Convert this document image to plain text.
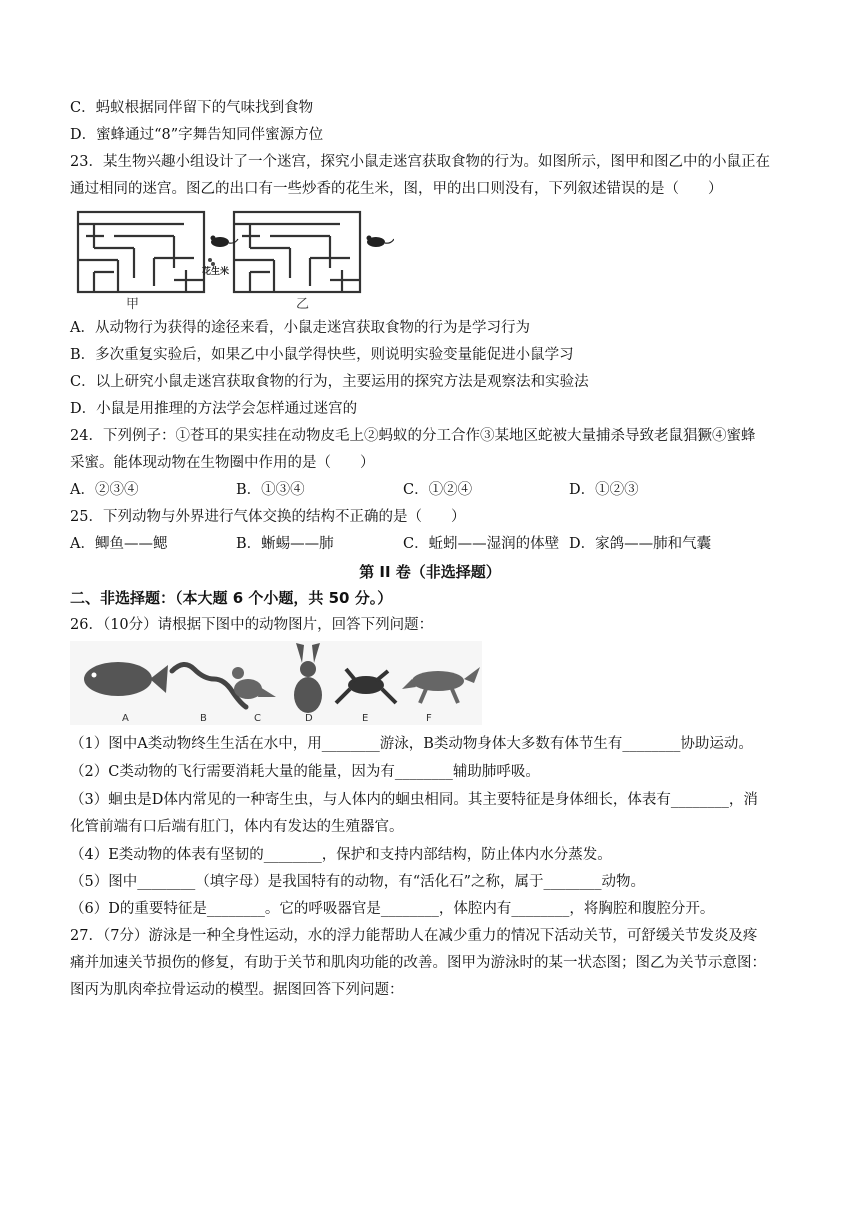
C．蚂蚁根据同伴留下的气味找到食物
D．蜜蜂通过“8”字舞告知同伴蜜源方位
23．某生物兴趣小组设计了一个迷宫，探究小鼠走迷宫获取食物的行为。如图所示，图甲和图乙中的小鼠正在
通过相同的迷宫。图乙的出口有一些炒香的花生米，图，甲的出口则没有，下列叙述错误的是（　　）
花生米
甲	乙
A．从动物行为获得的途径来看，小鼠走迷宫获取食物的行为是学习行为
B．多次重复实验后，如果乙中小鼠学得快些，则说明实验变量能促进小鼠学习
C．以上研究小鼠走迷宫获取食物的行为，主要运用的探究方法是观察法和实验法
D．小鼠是用推理的方法学会怎样通过迷宫的
24．下列例子：①苍耳的果实挂在动物皮毛上②蚂蚁的分工合作③某地区蛇被大量捕杀导致老鼠猖獗④蜜蜂
采蜜。能体现动物在生物圈中作用的是（　　）
A．②③④	B．①③④	C．①②④	D．①②③
25．下列动物与外界进行气体交换的结构不正确的是（　　）
A．鲫鱼——鳃	B．蜥蜴——肺	C．蚯蚓——湿润的体壁 D．家鸽——肺和气囊
第 II 卷（非选择题）
二、非选择题：（本大题 6 个小题，共 50 分。）
26．（10分）请根据下图中的动物图片，回答下列问题：
A	B	C	D	E	F
（1）图中A类动物终生生活在水中，用________游泳，B类动物身体大多数有体节生有________协助运动。
（2）C类动物的飞行需要消耗大量的能量，因为有________辅助肺呼吸。
（3）蛔虫是D体内常见的一种寄生虫，与人体内的蛔虫相同。其主要特征是身体细长，体表有________，消
化管前端有口后端有肛门，体内有发达的生殖器官。
（4）E类动物的体表有坚韧的________，保护和支持内部结构，防止体内水分蒸发。
（5）图中________（填字母）是我国特有的动物，有“活化石”之称，属于________动物。
（6）D的重要特征是________。它的呼吸器官是________，体腔内有________，将胸腔和腹腔分开。
27．（7分）游泳是一种全身性运动，水的浮力能帮助人在减少重力的情况下活动关节，可舒缓关节发炎及疼
痛并加速关节损伤的修复，有助于关节和肌肉功能的改善。图甲为游泳时的某一状态图；图乙为关节示意图：
图丙为肌肉牵拉骨运动的模型。据图回答下列问题：
